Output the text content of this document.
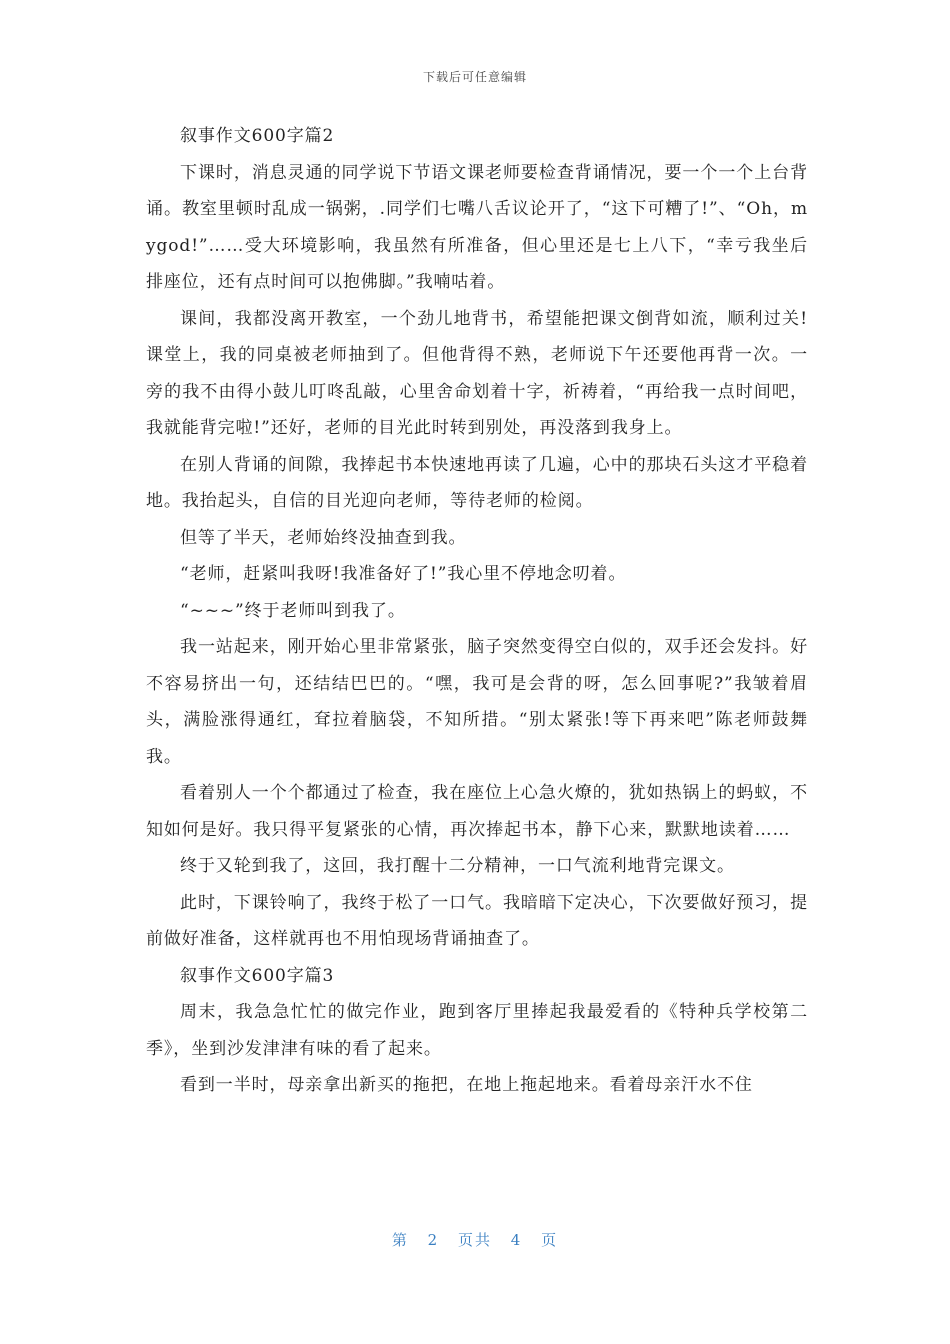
下载后可任意编辑

叙事作文600字篇2

下课时，消息灵通的同学说下节语文课老师要检查背诵情况，要一个一个上台背诵。教室里顿时乱成一锅粥，.同学们七嘴八舌议论开了，“这下可糟了!”、“Oh，mygod!”……受大环境影响，我虽然有所准备，但心里还是七上八下，“幸亏我坐后排座位，还有点时间可以抱佛脚。”我喃咕着。

课间，我都没离开教室，一个劲儿地背书，希望能把课文倒背如流，顺利过关!课堂上，我的同桌被老师抽到了。但他背得不熟，老师说下午还要他再背一次。一旁的我不由得小鼓儿叮咚乱敲，心里舍命划着十字，祈祷着，“再给我一点时间吧，我就能背完啦!”还好，老师的目光此时转到别处，再没落到我身上。

在别人背诵的间隙，我捧起书本快速地再读了几遍，心中的那块石头这才平稳着地。我抬起头，自信的目光迎向老师，等待老师的检阅。

但等了半天，老师始终没抽查到我。

“老师，赶紧叫我呀!我准备好了!”我心里不停地念叨着。

“~~~”终于老师叫到我了。

我一站起来，刚开始心里非常紧张，脑子突然变得空白似的，双手还会发抖。好不容易挤出一句，还结结巴巴的。“嘿，我可是会背的呀，怎么回事呢?”我皱着眉头，满脸涨得通红，耷拉着脑袋，不知所措。“别太紧张!等下再来吧”陈老师鼓舞我。

看着别人一个个都通过了检查，我在座位上心急火燎的，犹如热锅上的蚂蚁，不知如何是好。我只得平复紧张的心情，再次捧起书本，静下心来，默默地读着……

终于又轮到我了，这回，我打醒十二分精神，一口气流利地背完课文。

此时，下课铃响了，我终于松了一口气。我暗暗下定决心，下次要做好预习，提前做好准备，这样就再也不用怕现场背诵抽查了。

叙事作文600字篇3

周末，我急急忙忙的做完作业，跑到客厅里捧起我最爱看的《特种兵学校第二季》，坐到沙发津津有味的看了起来。

看到一半时，母亲拿出新买的拖把，在地上拖起地来。看着母亲汗水不住

第 2 页共 4 页
